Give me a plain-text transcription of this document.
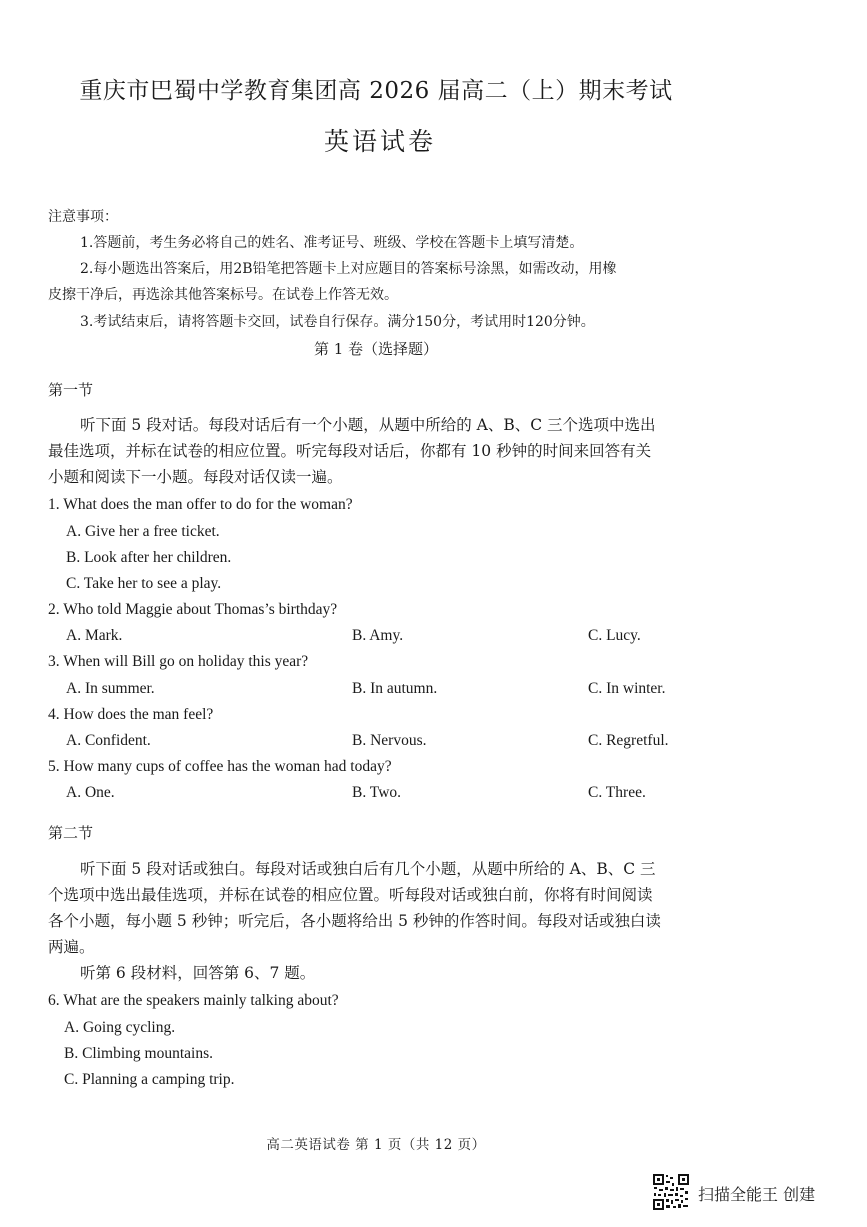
重庆市巴蜀中学教育集团高 2026 届高二（上）期末考试
英语试卷
注意事项：
1.答题前，考生务必将自己的姓名、准考证号、班级、学校在答题卡上填写清楚。
2.每小题选出答案后，用2B铅笔把答题卡上对应题目的答案标号涂黑，如需改动，用橡
皮擦干净后，再选涂其他答案标号。在试卷上作答无效。
3.考试结束后，请将答题卡交回，试卷自行保存。满分150分，考试用时120分钟。
第 1 卷（选择题）
第一节

听下面 5 段对话。每段对话后有一个小题，从题中所给的 A、B、C 三个选项中选出

最佳选项，并标在试卷的相应位置。听完每段对话后，你都有 10 秒钟的时间来回答有关

小题和阅读下一小题。每段对话仅读一遍。

1. What does the man offer to do for the woman?
A. Give her a free ticket.
B. Look after her children.
C. Take her to see a play.
2. Who told Maggie about Thomas’s birthday?
A. Mark.	B. Amy.	C. Lucy.
3. When will Bill go on holiday this year?
A. In summer.	B. In autumn.	C. In winter.
4. How does the man feel?
A. Confident.	B. Nervous.	C. Regretful.
5. How many cups of coffee has the woman had today?
A. One.	B. Two.	C. Three.
第二节

听下面 5 段对话或独白。每段对话或独白后有几个小题，从题中所给的 A、B、C 三

个选项中选出最佳选项，并标在试卷的相应位置。听每段对话或独白前，你将有时间阅读

各个小题，每小题 5 秒钟；听完后，各小题将给出 5 秒钟的作答时间。每段对话或独白读

两遍。

听第 6 段材料，回答第 6、7 题。

6. What are the speakers mainly talking about?
A. Going cycling.
B. Climbing mountains.
C. Planning a camping trip.
高二英语试卷 第 1 页（共 12 页）
扫描全能王 创建
